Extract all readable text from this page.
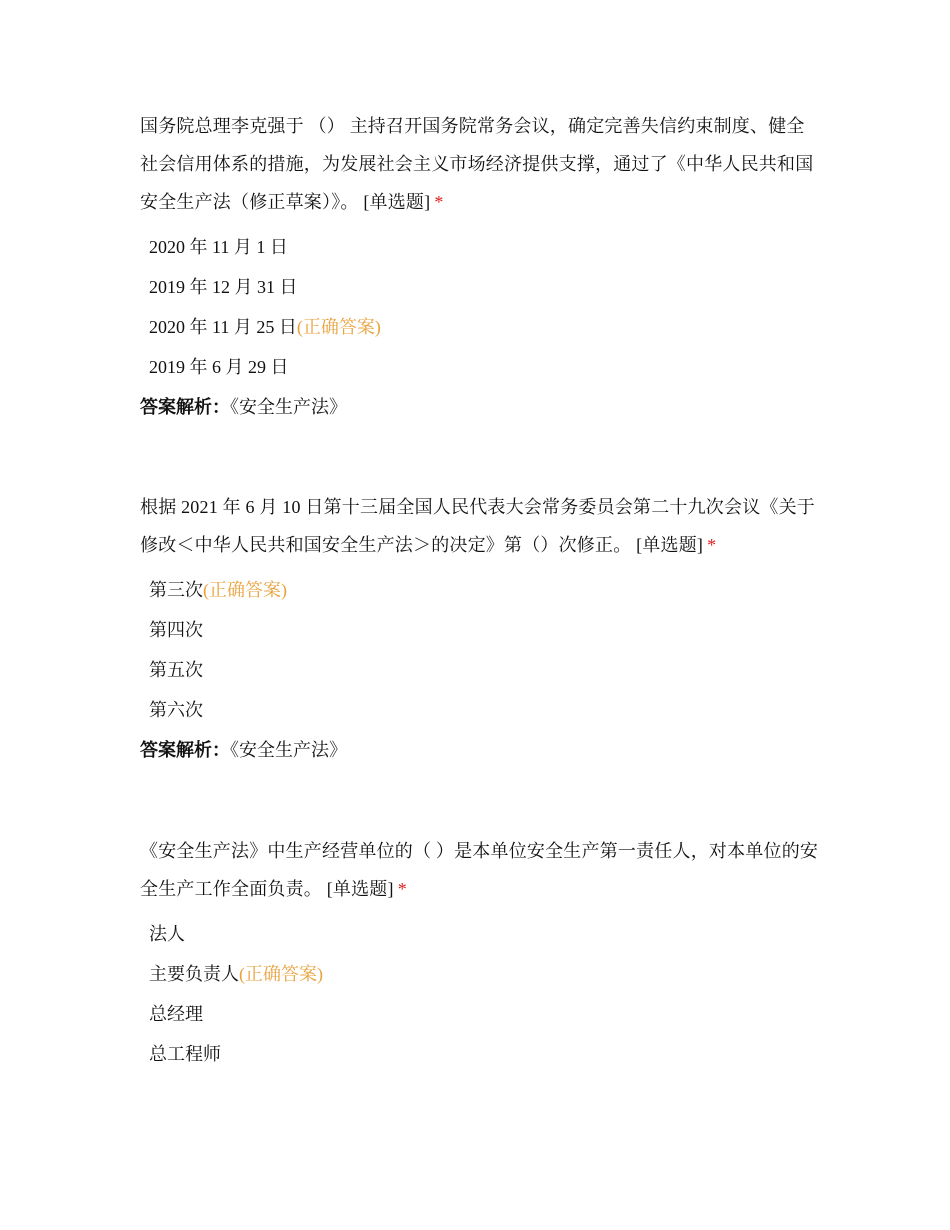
国务院总理李克强于 （） 主持召开国务院常务会议，确定完善失信约束制度、健全社会信用体系的措施，为发展社会主义市场经济提供支撑，通过了《中华人民共和国安全生产法（修正草案）》。 [单选题] *

2020 年 11 月 1 日
2019 年 12 月 31 日
2020 年 11 月 25 日(正确答案)
2019 年 6 月 29 日
答案解析：《安全生产法》

根据 2021 年 6 月 10 日第十三届全国人民代表大会常务委员会第二十九次会议《关于修改＜中华人民共和国安全生产法＞的决定》第（）次修正。 [单选题] *

第三次(正确答案)
第四次
第五次
第六次
答案解析：《安全生产法》

《安全生产法》中生产经营单位的（ ）是本单位安全生产第一责任人，对本单位的安全生产工作全面负责。 [单选题] *

法人
主要负责人(正确答案)
总经理
总工程师
